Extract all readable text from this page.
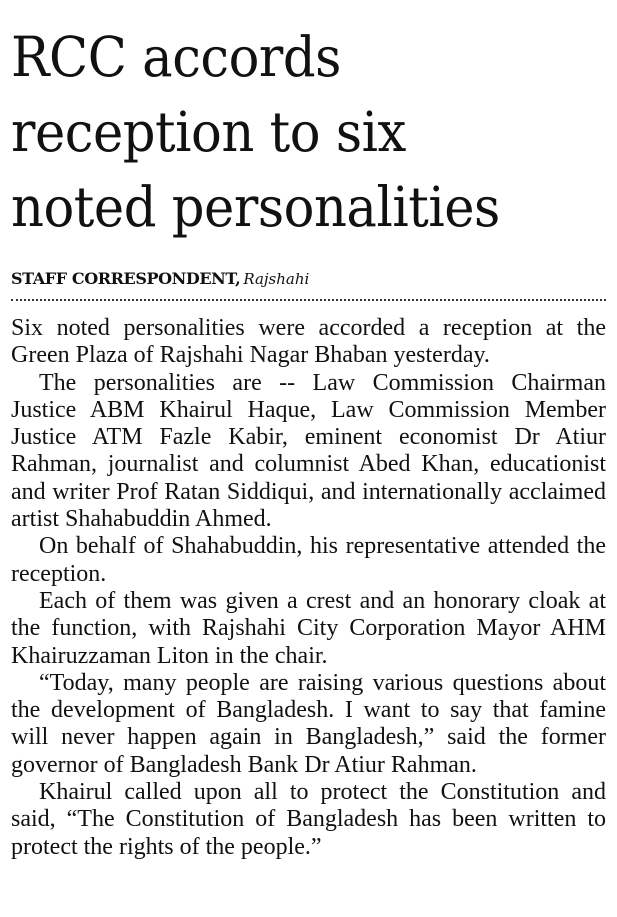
RCC accords
reception to six
noted personalities
STAFF CORRESPONDENT, Rajshahi

Six noted personalities were accorded a reception at the Green Plaza of Rajshahi Nagar Bhaban yesterday.

The personalities are -- Law Commission Chairman Justice ABM Khairul Haque, Law Commission Member Justice ATM Fazle Kabir, eminent economist Dr Atiur Rahman, journalist and columnist Abed Khan, educationist and writer Prof Ratan Siddiqui, and internationally acclaimed artist Shahabuddin Ahmed.

On behalf of Shahabuddin, his representative attended the reception.

Each of them was given a crest and an honorary cloak at the function, with Rajshahi City Corporation Mayor AHM Khairuzzaman Liton in the chair.

“Today, many people are raising various questions about the development of Bangladesh. I want to say that famine will never happen again in Bangladesh,” said the former governor of Bangladesh Bank Dr Atiur Rahman.

Khairul called upon all to protect the Constitution and said, “The Constitution of Bangladesh has been written to protect the rights of the people.”
